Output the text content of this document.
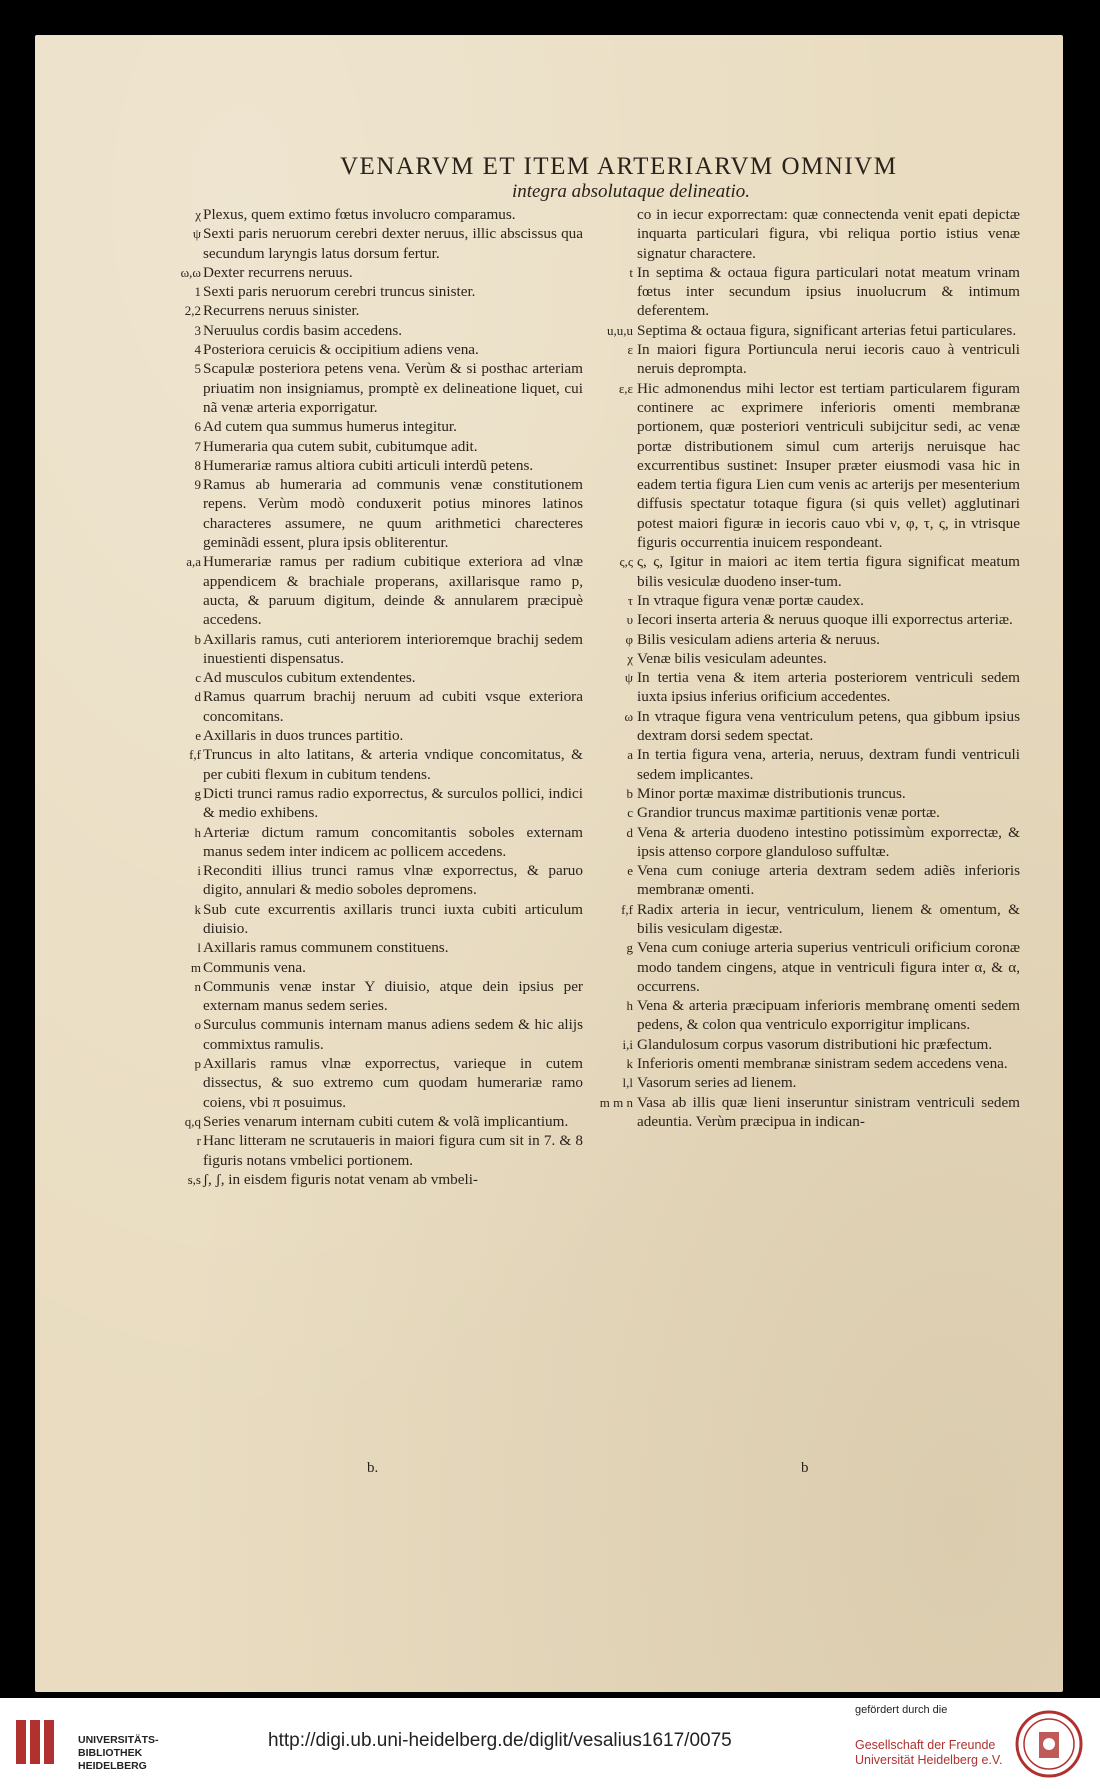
VENARVM ET ITEM ARTERIARVM OMNIVM
integra absolutaque delineatio.
χ Plexus, quem extimo fœtus involucro comparamus.
ψ Sexti paris neruorum cerebri dexter neruus, illic abscissus qua secundum laryngis latus dorsum fertur.
ω,ω Dexter recurrens neruus.
1 Sexti paris neruorum cerebri truncus sinister.
2,2 Recurrens neruus sinister.
3 Neruulus cordis basim accedens.
4 Posteriora ceruicis & occipitium adiens vena.
5 Scapulæ posteriora petens vena. Verùm & si posthac arteriam priuatim non insigniamus, promptè ex delineatione liquet, cui nã venæ arteria exporrigatur.
6 Ad cutem qua summus humerus integitur.
7 Humeraria qua cutem subit, cubitumque adit.
8 Humerariæ ramus altiora cubiti articuli interdũ petens.
9 Ramus ab humeraria ad communis venæ constitutionem repens. Verùm modò conduxerit potius minores latinos characteres assumere, ne quum arithmetici charecteres geminãdi essent, plura ipsis obliterentur.
a,a Humerariæ ramus per radium cubitique exteriora ad vlnæ appendicem & brachiale properans, axillarisque ramo p, aucta, & paruum digitum, deinde & annularem præcipuè accedens.
b Axillaris ramus, cuti anteriorem interioremque brachij sedem inuestienti dispensatus.
c Ad musculos cubitum extendentes.
d Ramus quarrum brachij neruum ad cubiti vsque exteriora concomitans.
e Axillaris in duos trunces partitio.
f,f Truncus in alto latitans, & arteria vndique concomitatus, & per cubiti flexum in cubitum tendens.
g Dicti trunci ramus radio exporrectus, & surculos pollici, indici & medio exhibens.
h Arteriæ dictum ramum concomitantis soboles externam manus sedem inter indicem ac pollicem accedens.
i Reconditi illius trunci ramus vlnæ exporrectus, & paruo digito, annulari & medio soboles depromens.
k Sub cute excurrentis axillaris trunci iuxta cubiti articulum diuisio.
l Axillaris ramus communem constituens.
m Communis vena.
n Communis venæ instar Y diuisio, atque dein ipsius per externam manus sedem series.
o Surculus communis internam manus adiens sedem & hic alijs commixtus ramulis.
p Axillaris ramus vlnæ exporrectus, varieque in cutem dissectus, & suo extremo cum quodam humerariæ ramo coiens, vbi π posuimus.
q,q Series venarum internam cubiti cutem & volã implicantium.
r Hanc litteram ne scrutaueris in maiori figura cum sit in 7. & 8 figuris notans vmbelici portionem.
s,s ʃ, ʃ, in eisdem figuris notat venam ab vmbeli-
co in iecur exporrectam: quæ connectenda venit epati depictæ inquarta particulari figura, vbi reliqua portio istius venæ signatur charactere.
t In septima & octaua figura particulari notat meatum vrinam fœtus inter secundum ipsius inuolucrum & intimum deferentem.
u,u,u Septima & octaua figura, significant arterias fetui particulares.
ɛ In maiori figura Portiuncula nerui iecoris cauo à ventriculi neruis deprompta.
ɛ,ɛ Hic admonendus mihi lector est tertiam particularem figuram continere ac exprimere inferioris omenti membranæ portionem, quæ posteriori ventriculi subijcitur sedi, ac venæ portæ distributionem simul cum arterijs neruisque hac excurrentibus sustinet: Insuper præter eiusmodi vasa hic in eadem tertia figura Lien cum venis ac arterijs per mesenterium diffusis spectatur totaque figura (si quis vellet) agglutinari potest maiori figuræ in iecoris cauo vbi ν, φ, τ, ς, in vtrisque figuris occurrentia inuicem respondeant.
ς,ς ς, ς, Igitur in maiori ac item tertia figura significat meatum bilis vesiculæ duodeno inser-tum.
τ In vtraque figura venæ portæ caudex.
υ Iecori inserta arteria & neruus quoque illi exporrectus arteriæ.
φ Bilis vesiculam adiens arteria & neruus.
χ Venæ bilis vesiculam adeuntes.
ψ In tertia vena & item arteria posteriorem ventriculi sedem iuxta ipsius inferius orificium accedentes.
ω In vtraque figura vena ventriculum petens, qua gibbum ipsius dextram dorsi sedem spectat.
a In tertia figura vena, arteria, neruus, dextram fundi ventriculi sedem implicantes.
b Minor portæ maximæ distributionis truncus.
c Grandior truncus maximæ partitionis venæ portæ.
d Vena & arteria duodeno intestino potissimùm exporrectæ, & ipsis attenso corpore glanduloso suffultæ.
e Vena cum coniuge arteria dextram sedem adiẽs inferioris membranæ omenti.
f,f Radix arteria in iecur, ventriculum, lienem & omentum, & bilis vesiculam digestæ.
g Vena cum coniuge arteria superius ventriculi orificium coronæ modo tandem cingens, atque in ventriculi figura inter α, & α, occurrens.
h Vena & arteria præcipuam inferioris membranę omenti sedem pedens, & colon qua ventriculo exporrigitur implicans.
i,i Glandulosum corpus vasorum distributioni hic præfectum.
k Inferioris omenti membranæ sinistram sedem accedens vena.
l,l Vasorum series ad lienem.
m m n Vasa ab illis quæ lieni inseruntur sinistram ventriculi sedem adeuntia. Verùm præcipua in indican-
b.	b
UNIVERSITÄTS-
BIBLIOTHEK
HEIDELBERG
http://digi.ub.uni-heidelberg.de/diglit/vesalius1617/0075
gefördert durch die
Gesellschaft der Freunde
Universität Heidelberg e.V.
